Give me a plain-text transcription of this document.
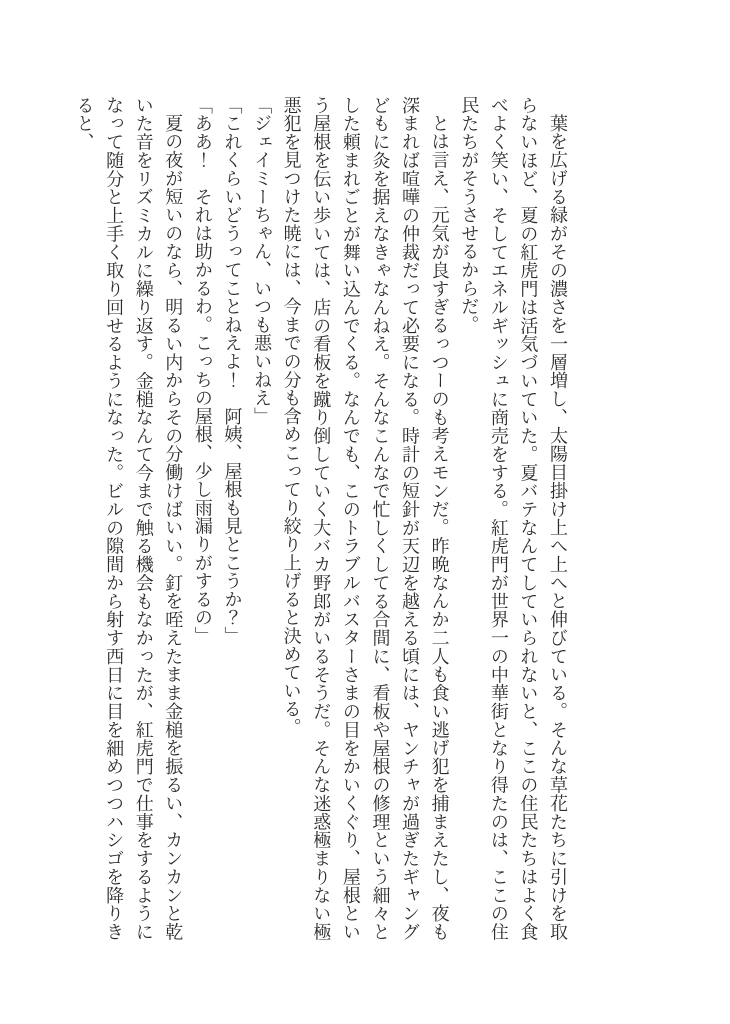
葉を広げる緑がその濃さを一層増し、太陽目掛け上へ上へと伸びている。そんな草花たちに引けを取らないほど、夏の紅虎門は活気づいていた。夏バテなんてしていられないと、ここの住民たちはよく食べよく笑い、そしてエネルギッシュに商売をする。紅虎門が世界一の中華街となり得たのは、ここの住民たちがそうさせるからだ。

とは言え、元気が良すぎるっつーのも考えモンだ。昨晩なんか二人も食い逃げ犯を捕まえたし、夜も深まれば喧嘩の仲裁だって必要になる。時計の短針が天辺を越える頃には、ヤンチャが過ぎたギャングどもに灸を据えなきゃなんねえ。そんなこんなで忙しくしてる合間に、看板や屋根の修理という細々とした頼まれごとが舞い込んでくる。なんでも、このトラブルバスターさまの目をかいくぐり、屋根という屋根を伝い歩いては、店の看板を蹴り倒していく大バカ野郎がいるそうだ。そんな迷惑極まりない極悪犯を見つけた暁には、今までの分も含めこってり絞り上げると決めている。

「ジェイミーちゃん、いつも悪いねえ」

「これくらいどうってことねえよ！　阿姨、屋根も見とこうか？」

「ああ！　それは助かるわ。こっちの屋根、少し雨漏りがするの」

夏の夜が短いのなら、明るい内からその分働けばいい。釘を咥えたまま金槌を振るい、カンカンと乾いた音をリズミカルに繰り返す。金槌なんて今まで触る機会もなかったが、紅虎門で仕事をするようになって随分と上手く取り回せるようになった。ビルの隙間から射す西日に目を細めつつハシゴを降りきると、
